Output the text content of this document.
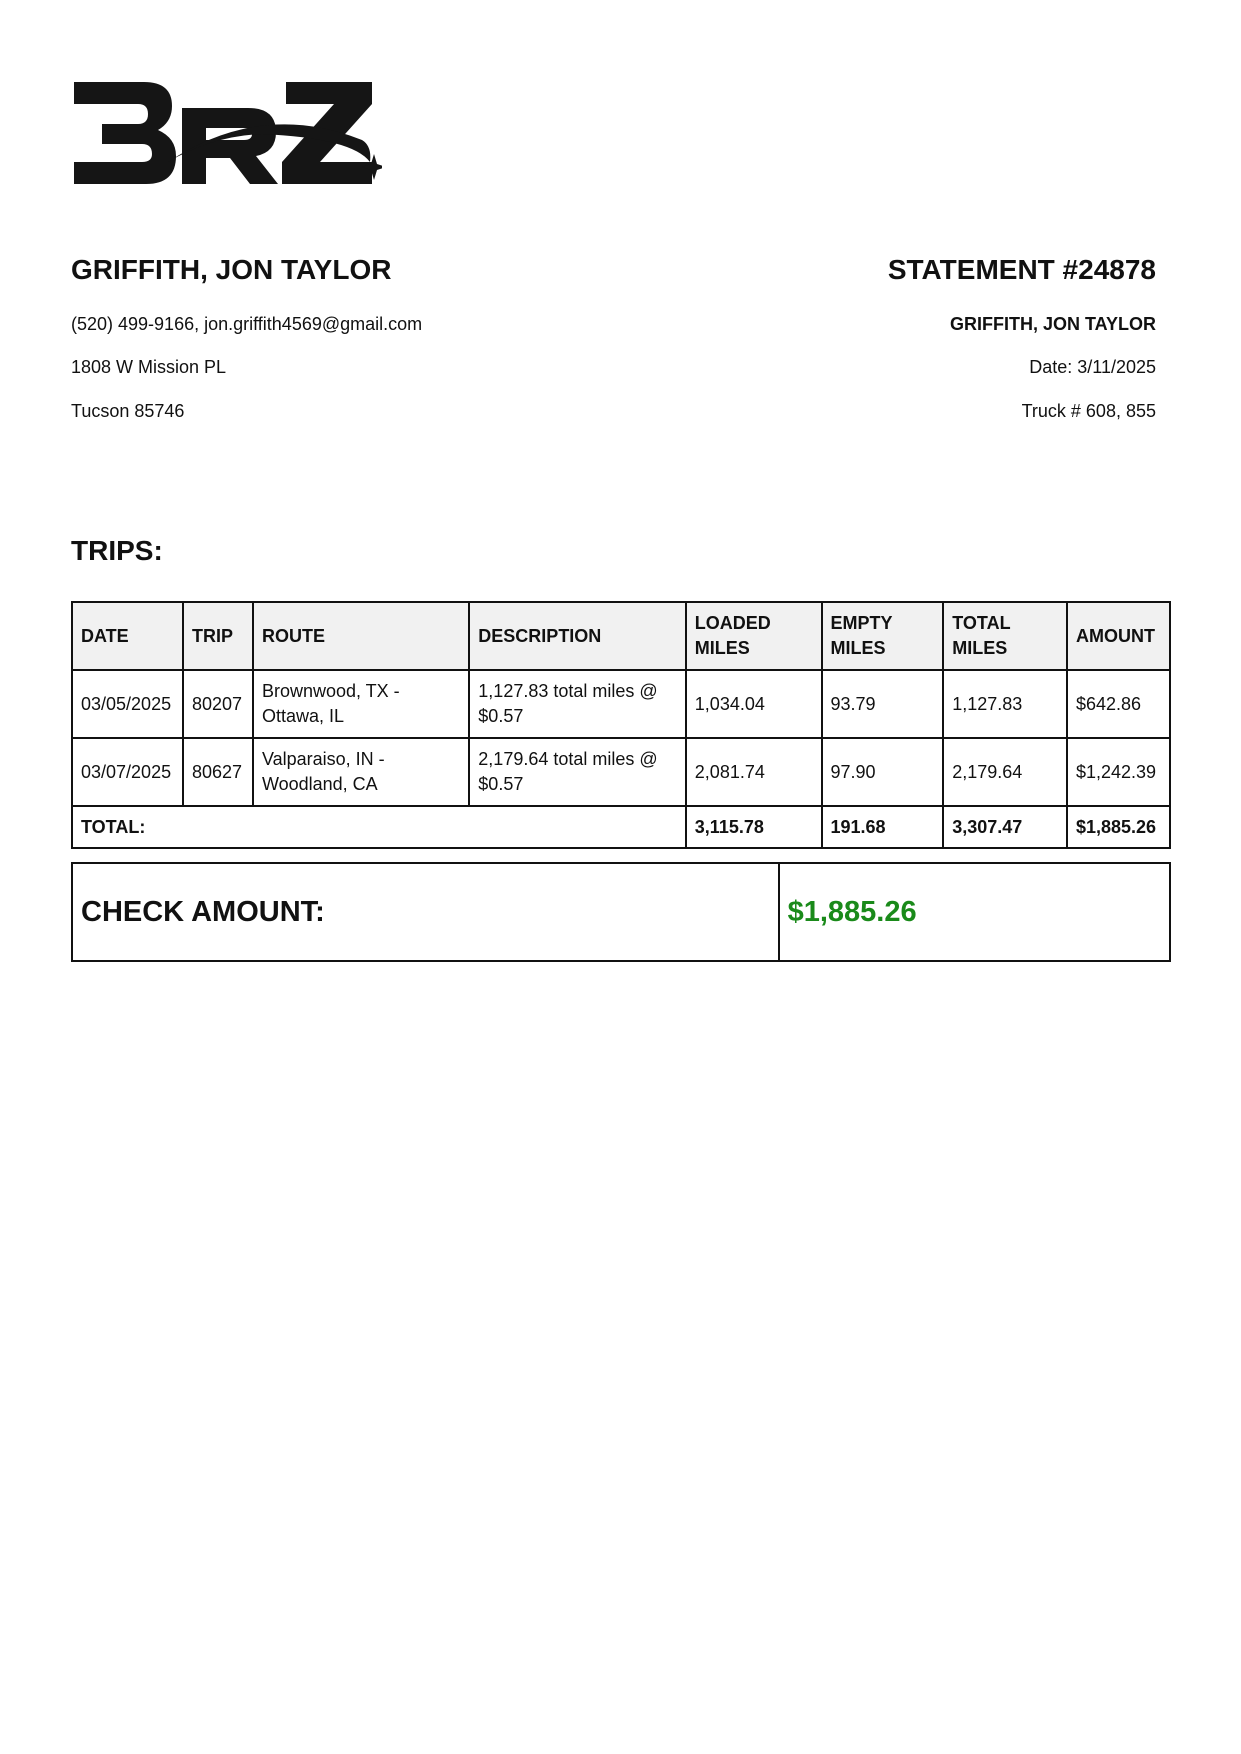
GRIFFITH, JON TAYLOR
(520) 499-9166, jon.griffith4569@gmail.com
1808 W Mission PL
Tucson 85746
STATEMENT #24878
GRIFFITH, JON TAYLOR
Date: 3/11/2025
Truck # 608, 855
TRIPS:
DATE	TRIP	ROUTE	DESCRIPTION	LOADED MILES	EMPTY MILES	TOTAL MILES	AMOUNT
03/05/2025	80207	Brownwood, TX - Ottawa, IL	1,127.83 total miles @ $0.57	1,034.04	93.79	1,127.83	$642.86
03/07/2025	80627	Valparaiso, IN - Woodland, CA	2,179.64 total miles @ $0.57	2,081.74	97.90	2,179.64	$1,242.39
TOTAL:				3,115.78	191.68	3,307.47	$1,885.26
CHECK AMOUNT:	$1,885.26
